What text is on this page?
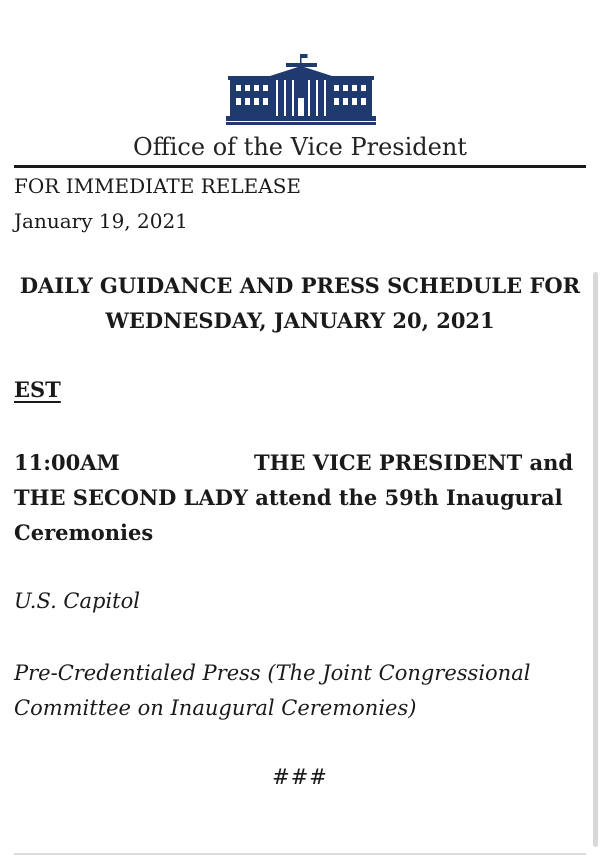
Office of the Vice President
FOR IMMEDIATE RELEASE
January 19, 2021
DAILY GUIDANCE AND PRESS SCHEDULE FOR
WEDNESDAY, JANUARY 20, 2021
EST
11:00AM	THE VICE PRESIDENT and THE SECOND LADY attend the 59th Inaugural Ceremonies
U.S. Capitol
Pre-Credentialed Press (The Joint Congressional Committee on Inaugural Ceremonies)
###
